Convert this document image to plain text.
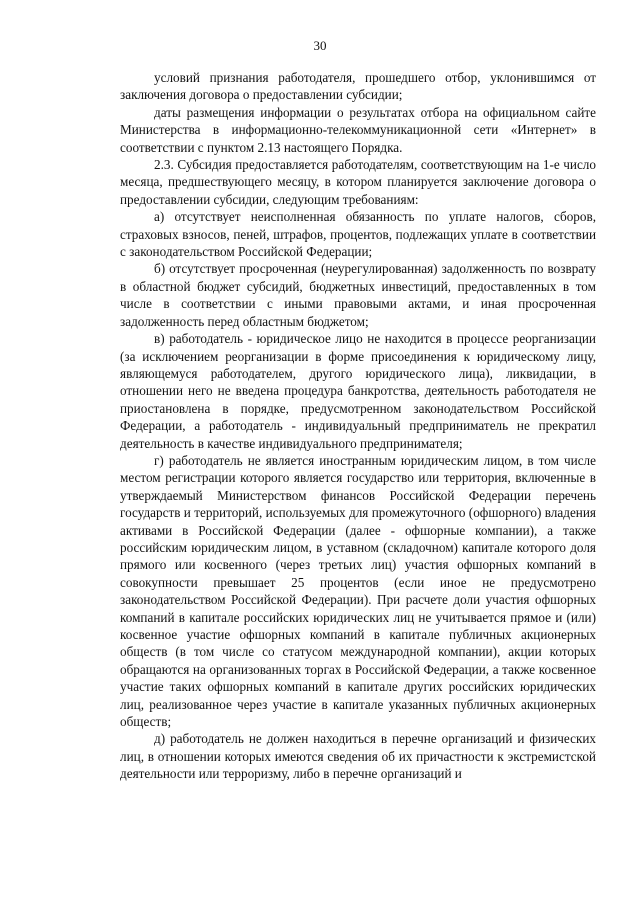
30

условий признания работодателя, прошедшего отбор, уклонившимся от заключения договора о предоставлении субсидии;

даты размещения информации о результатах отбора на официальном сайте Министерства в информационно-телекоммуникационной сети «Интернет» в соответствии с пунктом 2.13 настоящего Порядка.

2.3. Субсидия предоставляется работодателям, соответствующим на 1-е число месяца, предшествующего месяцу, в котором планируется заключение договора о предоставлении субсидии, следующим требованиям:

а) отсутствует неисполненная обязанность по уплате налогов, сборов, страховых взносов, пеней, штрафов, процентов, подлежащих уплате в соответствии с законодательством Российской Федерации;

б) отсутствует просроченная (неурегулированная) задолженность по возврату в областной бюджет субсидий, бюджетных инвестиций, предоставленных в том числе в соответствии с иными правовыми актами, и иная просроченная задолженность перед областным бюджетом;

в) работодатель - юридическое лицо не находится в процессе реорганизации (за исключением реорганизации в форме присоединения к юридическому лицу, являющемуся работодателем, другого юридического лица), ликвидации, в отношении него не введена процедура банкротства, деятельность работодателя не приостановлена в порядке, предусмотренном законодательством Российской Федерации, а работодатель - индивидуальный предприниматель не прекратил деятельность в качестве индивидуального предпринимателя;

г) работодатель не является иностранным юридическим лицом, в том числе местом регистрации которого является государство или территория, включенные в утверждаемый Министерством финансов Российской Федерации перечень государств и территорий, используемых для промежуточного (офшорного) владения активами в Российской Федерации (далее - офшорные компании), а также российским юридическим лицом, в уставном (складочном) капитале которого доля прямого или косвенного (через третьих лиц) участия офшорных компаний в совокупности превышает 25 процентов (если иное не предусмотрено законодательством Российской Федерации). При расчете доли участия офшорных компаний в капитале российских юридических лиц не учитывается прямое и (или) косвенное участие офшорных компаний в капитале публичных акционерных обществ (в том числе со статусом международной компании), акции которых обращаются на организованных торгах в Российской Федерации, а также косвенное участие таких офшорных компаний в капитале других российских юридических лиц, реализованное через участие в капитале указанных публичных акционерных обществ;

д) работодатель не должен находиться в перечне организаций и физических лиц, в отношении которых имеются сведения об их причастности к экстремистской деятельности или терроризму, либо в перечне организаций и
